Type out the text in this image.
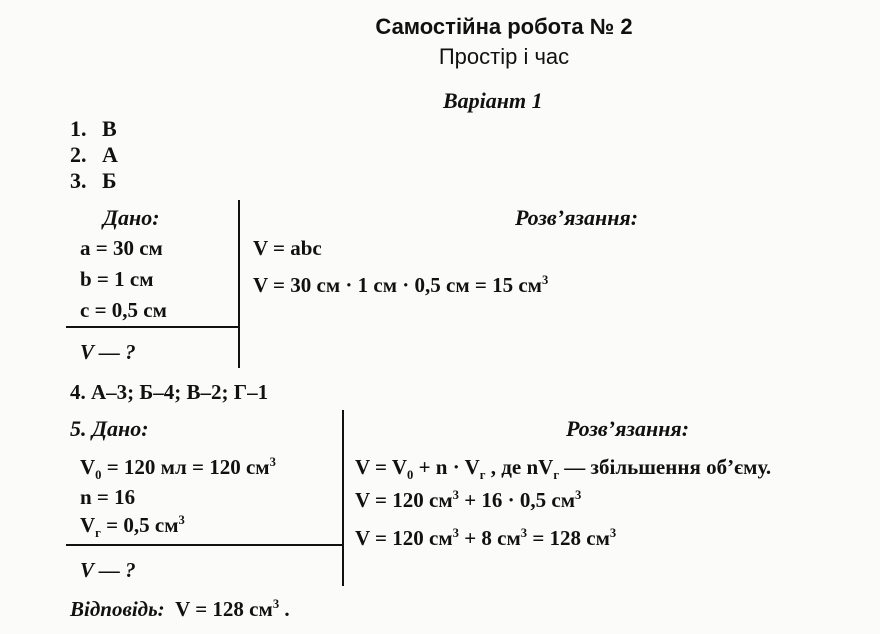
Самостійна робота № 2
Простір і час
Варіант 1
1. В
2. А
3. Б
Дано:	Розв’язання:
a = 30 см
b = 1 см
c = 0,5 см
V — ?
V = abc
V = 30 см · 1 см · 0,5 см = 15 $см^3$
4. А–3; Б–4; В–2; Г–1
5. Дано:	Розв’язання:
$V_0 = 120$ мл = 120 $см^3$
n = 16
$V_г = 0,5$ $см^3$
V — ?
$V = V_0 + n \cdot V_г$ , де $nV_г$ — збільшення об’єму.
V = 120 $см^3 + 16 \cdot 0,5$ $см^3$
V = 120 $см^3 + 8$ $см^3 = 128$ $см^3$
Відповідь: V = 128 $см^3$ .
